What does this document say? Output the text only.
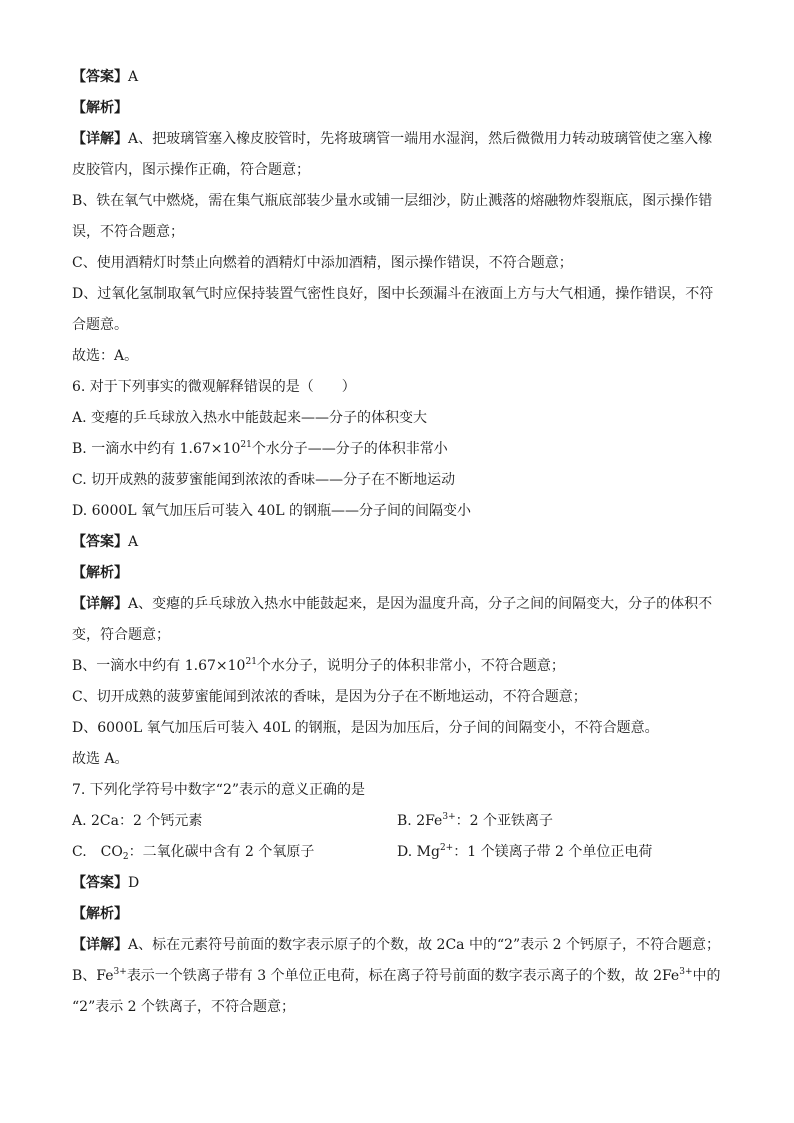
【答案】A
【解析】
【详解】A、把玻璃管塞入橡皮胶管时，先将玻璃管一端用水湿润，然后微微用力转动玻璃管使之塞入橡皮胶管内，图示操作正确，符合题意；
B、铁在氧气中燃烧，需在集气瓶底部装少量水或铺一层细沙，防止溅落的熔融物炸裂瓶底，图示操作错误，不符合题意；
C、使用酒精灯时禁止向燃着的酒精灯中添加酒精，图示操作错误，不符合题意；
D、过氧化氢制取氧气时应保持装置气密性良好，图中长颈漏斗在液面上方与大气相通，操作错误，不符合题意。
故选：A。
6. 对于下列事实的微观解释错误的是（　　）
A. 变瘪的乒乓球放入热水中能鼓起来——分子的体积变大
B. 一滴水中约有 $1.67\times 10^{21}$个水分子——分子的体积非常小
C. 切开成熟的菠萝蜜能闻到浓浓的香味——分子在不断地运动
D. 6000L 氧气加压后可装入 40L 的钢瓶——分子间的间隔变小
【答案】A
【解析】
【详解】A、变瘪的乒乓球放入热水中能鼓起来，是因为温度升高，分子之间的间隔变大，分子的体积不变，符合题意；
B、一滴水中约有 $1.67\times 10^{21}$个水分子，说明分子的体积非常小，不符合题意；
C、切开成熟的菠萝蜜能闻到浓浓的香味，是因为分子在不断地运动，不符合题意；
D、6000L 氧气加压后可装入 40L 的钢瓶，是因为加压后，分子间的间隔变小，不符合题意。
故选 A。
7. 下列化学符号中数字“2”表示的意义正确的是
A. 2Ca：2 个钙元素	B. $2Fe^{3+}$：2 个亚铁离子
C.　$CO_2$：二氧化碳中含有 2 个氧原子	D. $Mg^{2+}$：1 个镁离子带 2 个单位正电荷
【答案】D
【解析】
【详解】A、标在元素符号前面的数字表示原子的个数，故 2Ca 中的“2”表示 2 个钙原子，不符合题意；
B、$Fe^{3+}$表示一个铁离子带有 3 个单位正电荷，标在离子符号前面的数字表示离子的个数，故 $2Fe^{3+}$中的
“2”表示 2 个铁离子，不符合题意；
